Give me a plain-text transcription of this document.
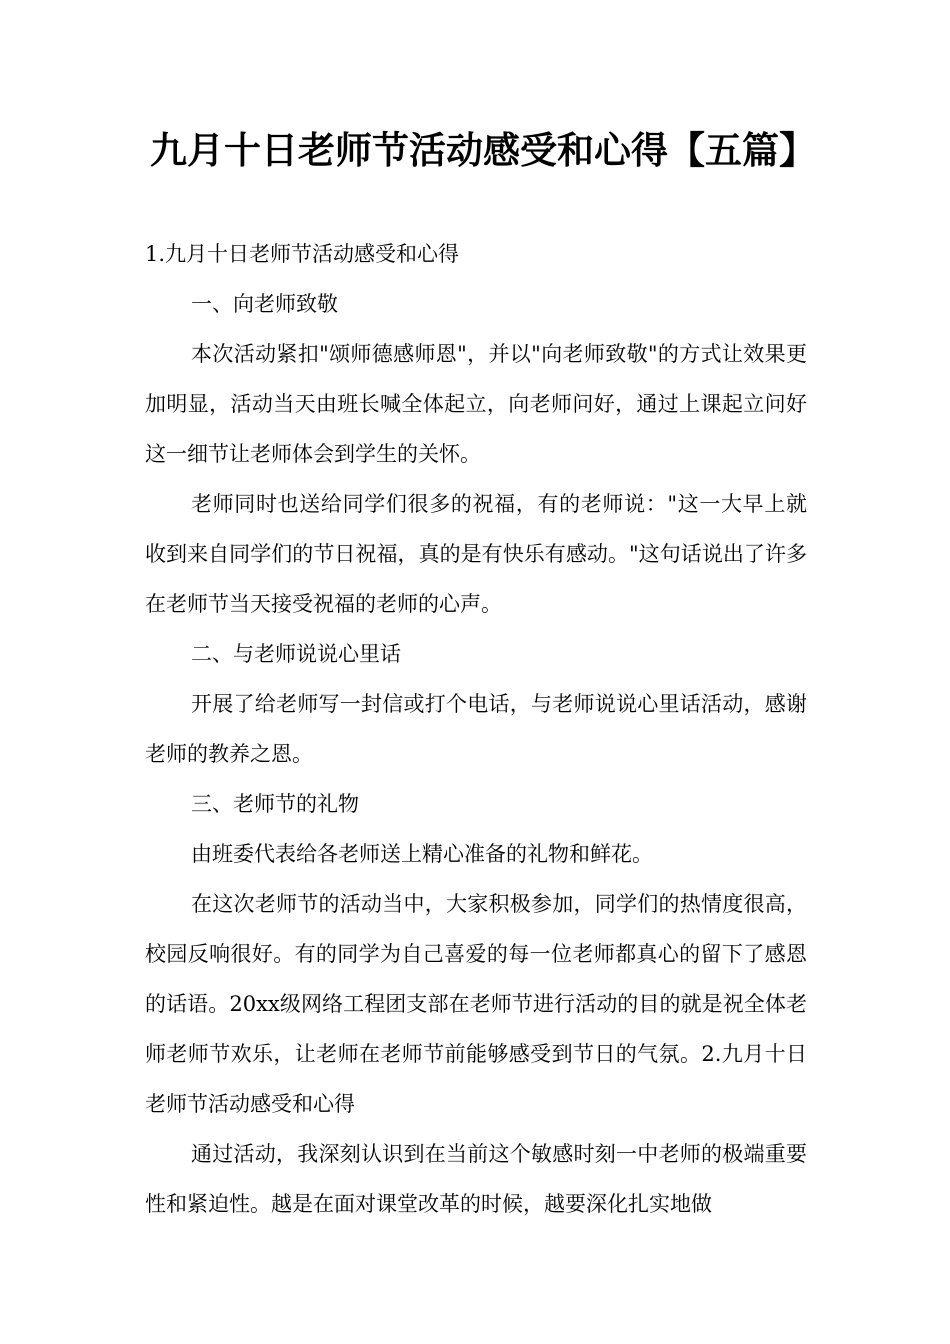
九月十日老师节活动感受和心得【五篇】

1.九月十日老师节活动感受和心得

一、向老师致敬

本次活动紧扣"颂师德感师恩"，并以"向老师致敬"的方式让效果更加明显，活动当天由班长喊全体起立，向老师问好，通过上课起立问好这一细节让老师体会到学生的关怀。

老师同时也送给同学们很多的祝福，有的老师说："这一大早上就收到来自同学们的节日祝福，真的是有快乐有感动。"这句话说出了许多在老师节当天接受祝福的老师的心声。

二、与老师说说心里话

开展了给老师写一封信或打个电话，与老师说说心里话活动，感谢老师的教养之恩。

三、老师节的礼物

由班委代表给各老师送上精心准备的礼物和鲜花。

在这次老师节的活动当中，大家积极参加，同学们的热情度很高，校园反响很好。有的同学为自己喜爱的每一位老师都真心的留下了感恩的话语。20xx级网络工程团支部在老师节进行活动的目的就是祝全体老师老师节欢乐，让老师在老师节前能够感受到节日的气氛。2.九月十日老师节活动感受和心得

通过活动，我深刻认识到在当前这个敏感时刻一中老师的极端重要性和紧迫性。越是在面对课堂改革的时候，越要深化扎实地做
